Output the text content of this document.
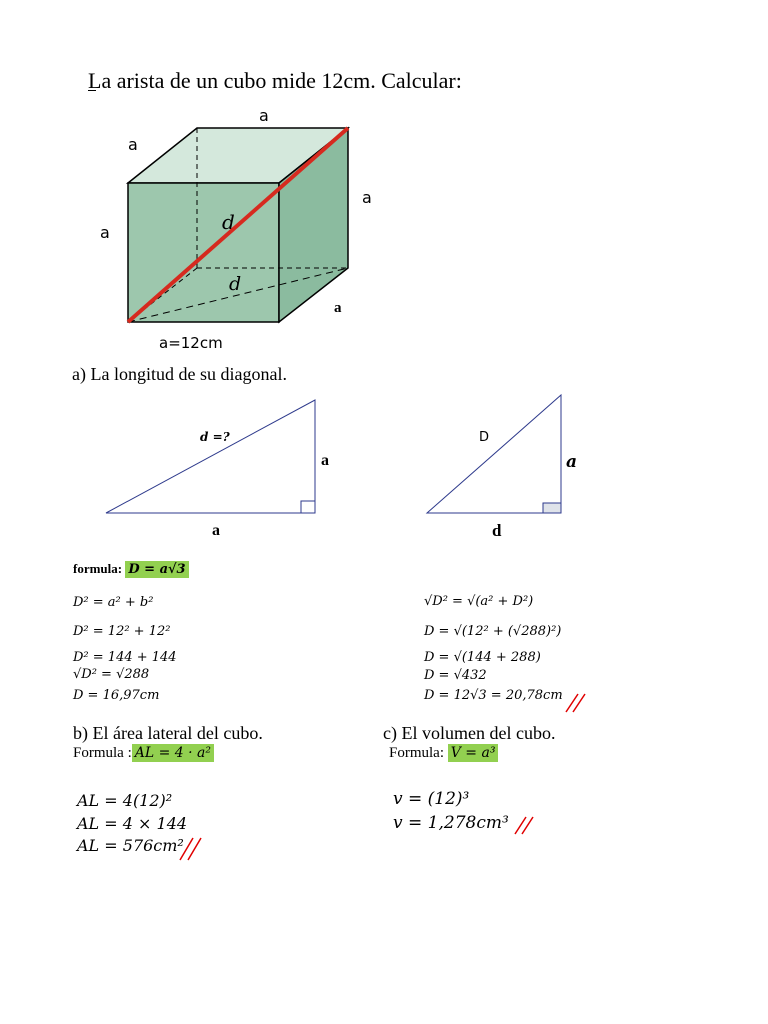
La arista de un cubo mide 12cm. Calcular:
a
a
a
a
a
d
d
a=12cm
a) La longitud de su diagonal.
d =?
a
a
D
a
d
formula: D = a√3
D² = a² + b²
D² = 12² + 12²
D² = 144 + 144
√D² = √288
D = 16,97cm
√D² = √(a² + D²)
D = √(12² + (√288)²)
D = √(144 + 288)
D = √432
D = 12√3 = 20,78cm
b) El área lateral del cubo.
Formula : AL = 4 · a²
AL = 4(12)²
AL = 4 × 144
AL = 576cm²
c) El volumen del cubo.
Formula: V = a³
v = (12)³
v = 1,278cm³
